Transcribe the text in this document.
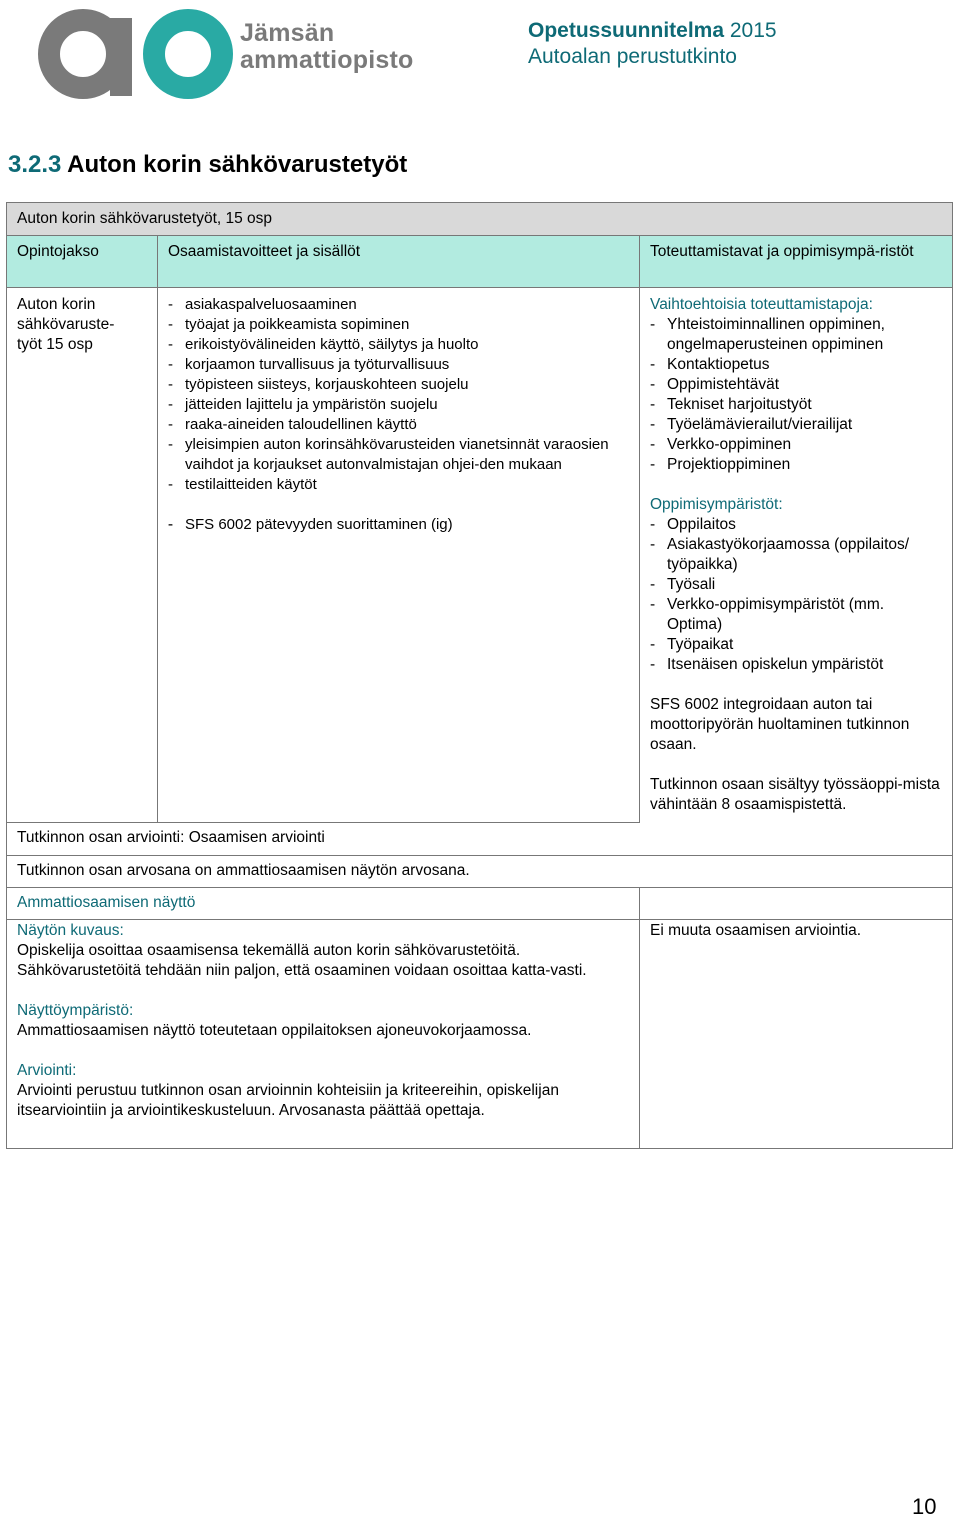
Jämsän
ammattiopisto
Opetussuunnitelma 2015
Autoalan perustutkinto
3.2.3 Auton korin sähkövarustetyöt
Auton korin sähkövarustetyöt, 15 osp
Opintojakso	Osaamistavoitteet ja sisällöt	Toteuttamistavat ja oppimisympä-ristöt
Auton korin
sähkövaruste-
työt 15 osp
- asiakaspalveluosaaminen
- työajat ja poikkeamista sopiminen
- erikoistyövälineiden käyttö, säilytys ja huolto
- korjaamon turvallisuus ja työturvallisuus
- työpisteen siisteys, korjauskohteen suojelu
- jätteiden lajittelu ja ympäristön suojelu
- raaka-aineiden taloudellinen käyttö
- yleisimpien auton korinsähkövarusteiden vianetsinnät varaosien vaihdot ja korjaukset autonvalmistajan ohjei-den mukaan
- testilaitteiden käytöt
- SFS 6002 pätevyyden suorittaminen (ig)
Vaihtoehtoisia toteuttamistapoja:
- Yhteistoiminnallinen oppiminen, ongelmaperusteinen oppiminen
- Kontaktiopetus
- Oppimistehtävät
- Tekniset harjoitustyöt
- Työelämävierailut/vierailijat
- Verkko-oppiminen
- Projektioppiminen
Oppimisympäristöt:
- Oppilaitos
- Asiakastyökorjaamossa (oppilaitos/ työpaikka)
- Työsali
- Verkko-oppimisympäristöt (mm. Optima)
- Työpaikat
- Itsenäisen opiskelun ympäristöt
SFS 6002 integroidaan auton tai moottoripyörän huoltaminen tutkinnon osaan.
Tutkinnon osaan sisältyy työssäoppi-mista vähintään 8 osaamispistettä.
Tutkinnon osan arviointi: Osaamisen arviointi
Tutkinnon osan arvosana on ammattiosaamisen näytön arvosana.
Ammattiosaamisen näyttö
Näytön kuvaus:
Opiskelija osoittaa osaamisensa tekemällä auton korin sähkövarustetöitä. Sähkövarustetöitä tehdään niin paljon, että osaaminen voidaan osoittaa katta-vasti.
Näyttöympäristö:
Ammattiosaamisen näyttö toteutetaan oppilaitoksen ajoneuvokorjaamossa.
Arviointi:
Arviointi perustuu tutkinnon osan arvioinnin kohteisiin ja kriteereihin, opiskelijan itsearviointiin ja arviointikeskusteluun. Arvosanasta päättää opettaja.
Ei muuta osaamisen arviointia.
10
